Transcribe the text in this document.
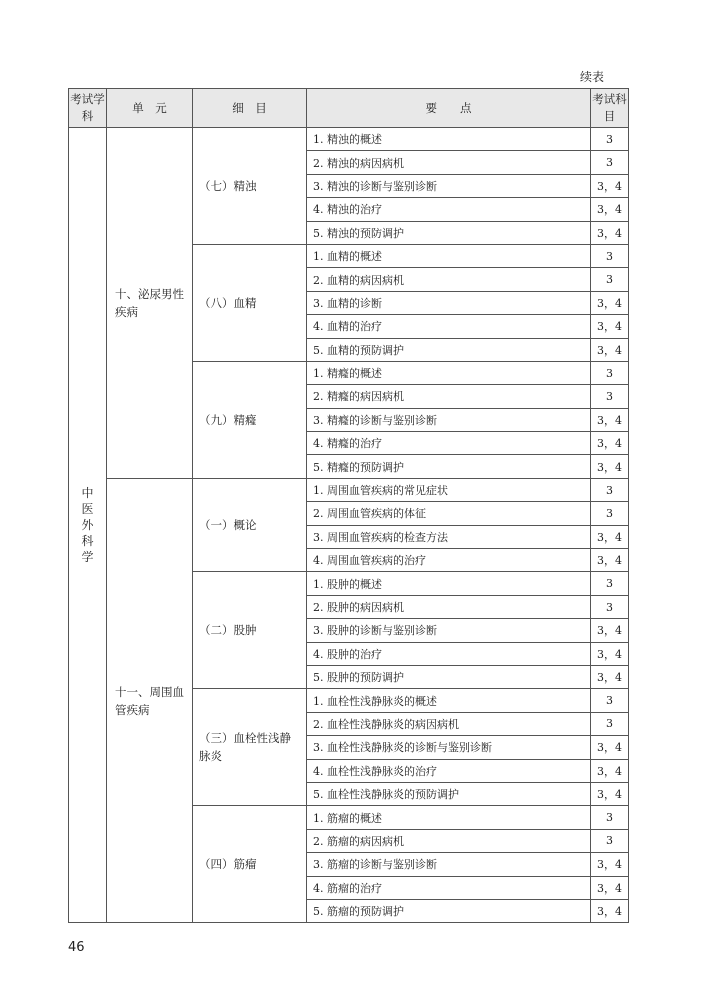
续表
考试学科	单　元	细　目	要　　点	考试科目

中医外科学	十、泌尿男性疾病	（七）精浊	1. 精浊的概述	3
			2. 精浊的病因病机	3
			3. 精浊的诊断与鉴别诊断	3，4
			4. 精浊的治疗	3，4
			5. 精浊的预防调护	3，4
		（八）血精	1. 血精的概述	3
			2. 血精的病因病机	3
			3. 血精的诊断	3，4
			4. 血精的治疗	3，4
			5. 血精的预防调护	3，4
		（九）精癃	1. 精癃的概述	3
			2. 精癃的病因病机	3
			3. 精癃的诊断与鉴别诊断	3，4
			4. 精癃的治疗	3，4
			5. 精癃的预防调护	3，4
	十一、周围血管疾病	（一）概论	1. 周围血管疾病的常见症状	3
			2. 周围血管疾病的体征	3
			3. 周围血管疾病的检查方法	3，4
			4. 周围血管疾病的治疗	3，4
		（二）股肿	1. 股肿的概述	3
			2. 股肿的病因病机	3
			3. 股肿的诊断与鉴别诊断	3，4
			4. 股肿的治疗	3，4
			5. 股肿的预防调护	3，4
		（三）血栓性浅静脉炎	1. 血栓性浅静脉炎的概述	3
			2. 血栓性浅静脉炎的病因病机	3
			3. 血栓性浅静脉炎的诊断与鉴别诊断	3，4
			4. 血栓性浅静脉炎的治疗	3，4
			5. 血栓性浅静脉炎的预防调护	3，4
		（四）筋瘤	1. 筋瘤的概述	3
			2. 筋瘤的病因病机	3
			3. 筋瘤的诊断与鉴别诊断	3，4
			4. 筋瘤的治疗	3，4
			5. 筋瘤的预防调护	3，4
46
